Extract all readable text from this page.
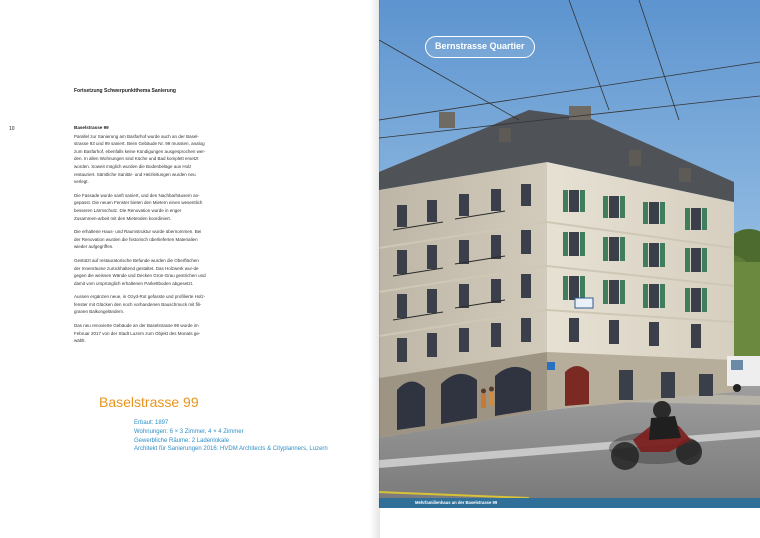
Fortsetzung Schwerpunktthema Sanierung
10	Baselstrasse 99

Parallel zur Sanierung am Basfarhof wurde auch an der Basel-strasse 93 und 99 saniert. Beim Gebäude Nr. 99 mussten, analog zum Basfarhof, ebenfalls keine Kündigungen ausgesprochen wer-den. In allen Wohnungen sind Küche und Bad komplett ersetzt worden. Soweit möglich wurden die Bodenbeläge aus Holz restauriert. Sämtliche Sanitär- und Heizleitungen wurden neu verlegt.

Die Fassade wurde sanft saniert, und den Nachbarhäusern an-gepasst. Die neuen Fenster bieten den Mietern einen wesentlich besseren Lärmschutz. Die Renovation wurde in enger Zusammen-arbeit mit den Mietenden koordiniert.

Die erhaltene Haus- und Raumstruktur wurde übernommen. Bei der Renovation wurden die historisch überlieferten Materialien wieder aufgegriffen.

Gestützt auf restauratorische Befunde wurden die Oberflächen der Innenräume zurückhaltend gestaltet. Das Holzwerk wur-de gegen die weissen Wände und Decken Grün-Grau gestrichen und damit vom ursprünglich erhaltenen Parkettboden abgesetzt.

Aussen ergänzen neue, in Ozyd-Rot gefasste und profilierte Holz-fenster mit Glücken den noch vorhandenen Bauschmuck mit fili-granen Balkongeländern.

Das neu renovierte Gebäude an der Baselstrasse 99 wurde im Februar 2017 von der Stadt Luzern zum Objekt des Monats ge-wählt.

Baselstrasse 99
Erbaut: 1897
Wohnungen: 6 × 3 Zimmer, 4 × 4 Zimmer
Gewerbliche Räume: 2 Ladenlokale
Architekt für Sanierungen 2016: HVDM Architects & Cityplanners, Luzern
Bernstrasse Quartier
Mehrfamilienhaus an der Baselstrasse 99
